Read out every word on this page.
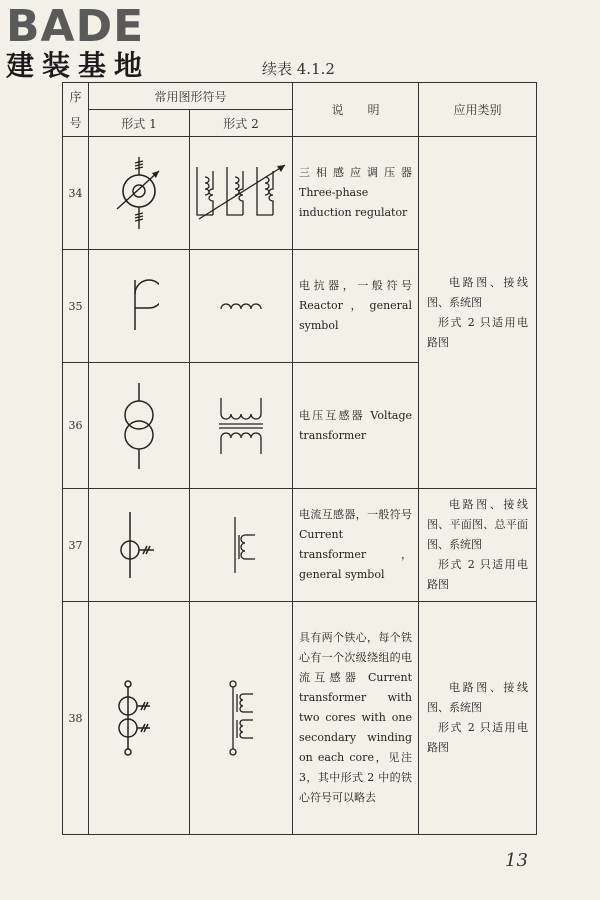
BADE
建装基地	续表 4.1.2
序号	常用图形符号		说　　明	应用类别
	形式 1	形式 2		
34			三相感应调压器 Three-phase induction regulator	电路图、接线图、系统图
形式 2 只适用电路图

35			电抗器，一般符号 Reactor，general symbol	
36			电压互感器 Voltage transformer	
37			电流互感器，一般符号 Current transformer，general symbol	电路图、接线图、平面图、总平面图、系统图
形式 2 只适用电路图

38			具有两个铁心，每个铁心有一个次级绕组的电流互感器 Current transformer with two cores with one secondary winding on each core，见注 3，其中形式 2 中的铁心符号可以略去	电路图、接线图、系统图
形式 2 只适用电路图
13
